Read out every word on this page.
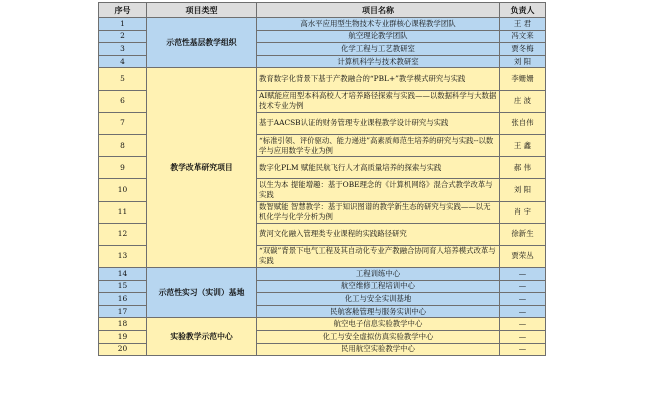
序号	项目类型	项目名称	负责人
1	示范性基层教学组织	高水平应用型生物技术专业群核心课程教学团队	王 君
2		航空理论教学团队	冯文来
3		化学工程与工艺教研室	贾冬梅
4		计算机科学与技术教研室	刘 阳
5	教学改革研究项目	教育数字化背景下基于产教融合的“PBL+”教学模式研究与实践	李姗姗
6		AI赋能应用型本科高校人才培养路径探索与实践——以数据科学与大数据技术专业为例	庄 波
7		基于AACSB认证的财务管理专业课程教学设计研究与实践	张自伟
8		“标准引领、评价驱动、能力递进”高素质师范生培养的研究与实践--以数学与应用数学专业为例	王 鑫
9		数字化PLM 赋能民航飞行人才高质量培养的探索与实践	郝 伟
10		以生为本 提能增趣：基于OBE理念的《计算机网络》混合式教学改革与实践	刘 阳
11		数智赋能 智慧教学：基于知识图谱的教学新生态的研究与实践——以无机化学与化学分析为例	肖 宇
12		黄河文化融入管理类专业课程的实践路径研究	徐新生
13		“双碳”背景下电气工程及其自动化专业产教融合协同育人培养模式改革与实践	贾荣丛
14	示范性实习（实训）基地	工程训练中心	—
15		航空维修工程培训中心	—
16		化工与安全实训基地	—
17		民航客舱管理与服务实训中心	—
18	实验教学示范中心	航空电子信息实验教学中心	—
19		化工与安全虚拟仿真实验教学中心	—
20		民用航空实验教学中心	—
